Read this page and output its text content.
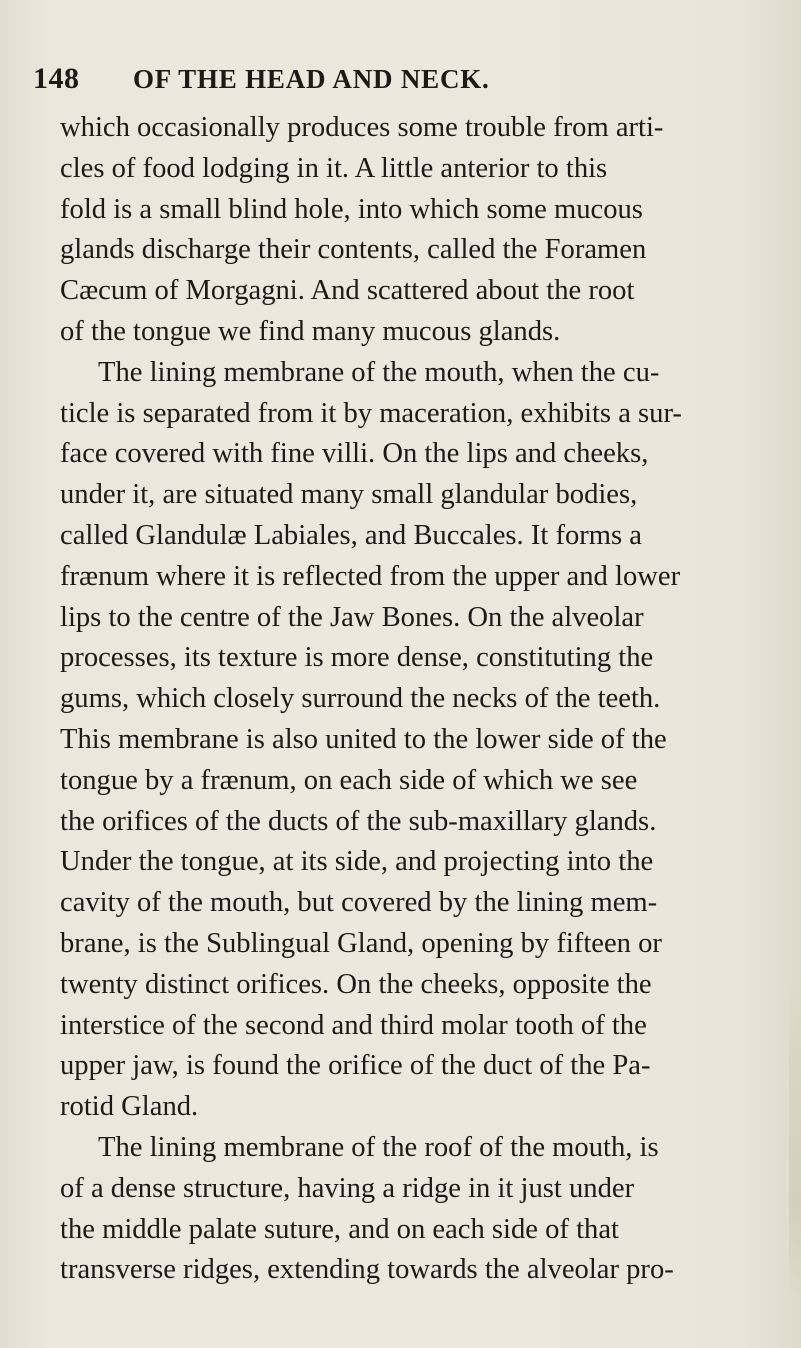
148 OF THE HEAD AND NECK.
which occasionally produces some trouble from arti-
cles of food lodging in it. A little anterior to this
fold is a small blind hole, into which some mucous
glands discharge their contents, called the Foramen
Cæcum of Morgagni. And scattered about the root
of the tongue we find many mucous glands.
The lining membrane of the mouth, when the cu-
ticle is separated from it by maceration, exhibits a sur-
face covered with fine villi. On the lips and cheeks,
under it, are situated many small glandular bodies,
called Glandulæ Labiales, and Buccales. It forms a
frænum where it is reflected from the upper and lower
lips to the centre of the Jaw Bones. On the alveolar
processes, its texture is more dense, constituting the
gums, which closely surround the necks of the teeth.
This membrane is also united to the lower side of the
tongue by a frænum, on each side of which we see
the orifices of the ducts of the sub-maxillary glands.
Under the tongue, at its side, and projecting into the
cavity of the mouth, but covered by the lining mem-
brane, is the Sublingual Gland, opening by fifteen or
twenty distinct orifices. On the cheeks, opposite the
interstice of the second and third molar tooth of the
upper jaw, is found the orifice of the duct of the Pa-
rotid Gland.
The lining membrane of the roof of the mouth, is
of a dense structure, having a ridge in it just under
the middle palate suture, and on each side of that
transverse ridges, extending towards the alveolar pro-
